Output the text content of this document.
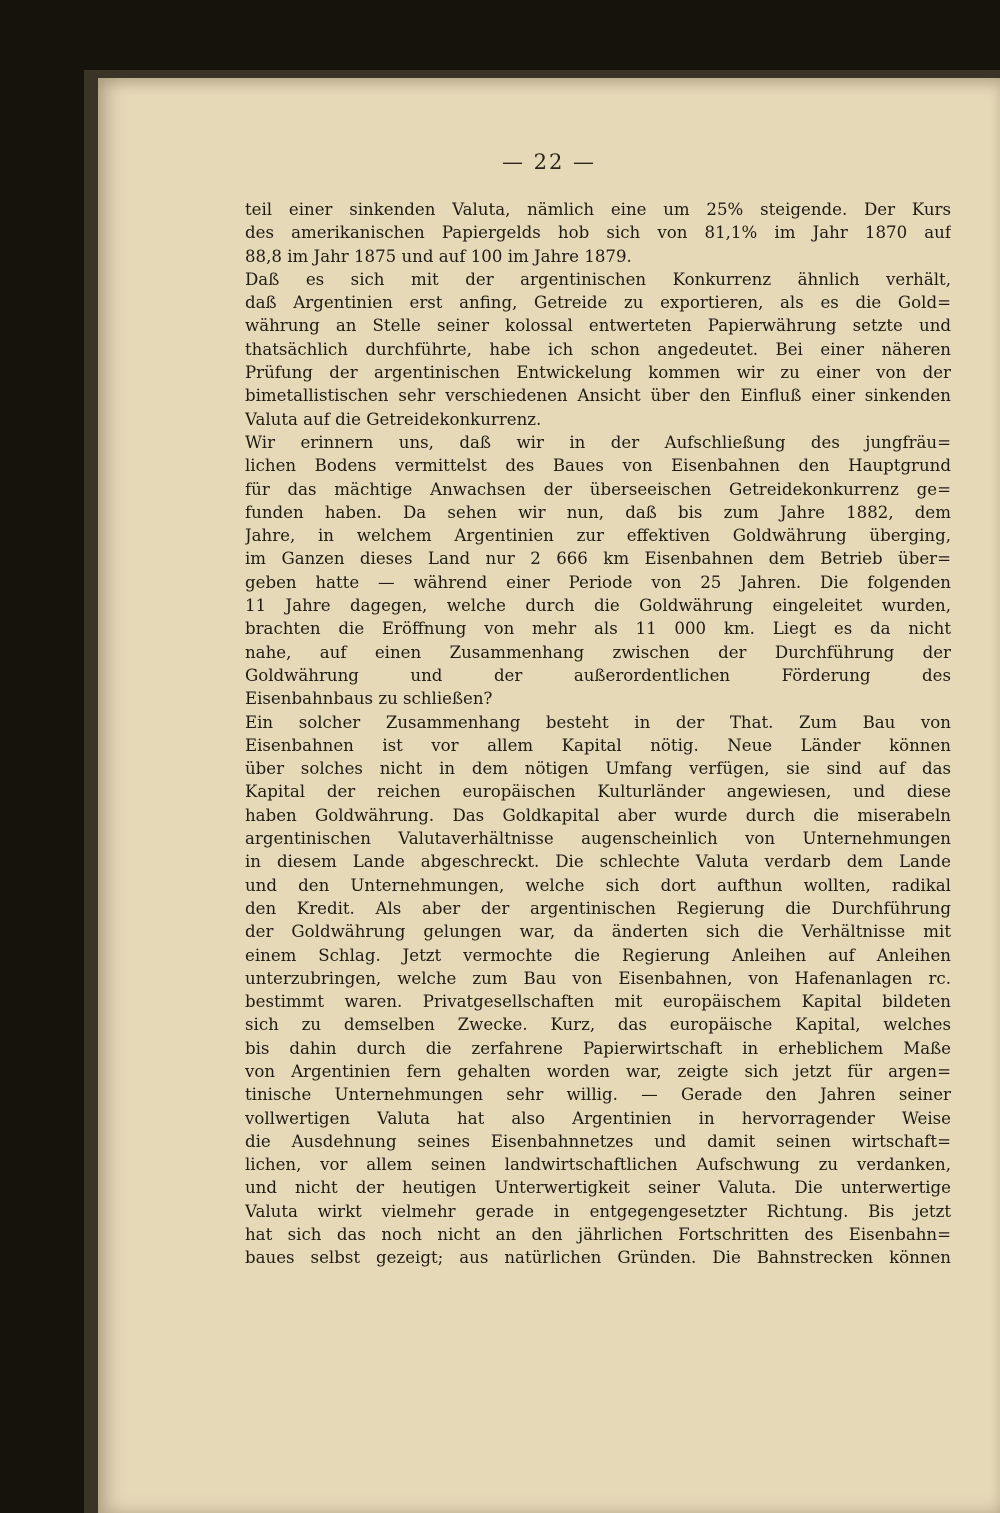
— 22 —
teil einer sinkenden Valuta, nämlich eine um 25% steigende. Der Kurs
des amerikanischen Papiergelds hob sich von 81,1% im Jahr 1870 auf
88,8 im Jahr 1875 und auf 100 im Jahre 1879.
Daß es sich mit der argentinischen Konkurrenz ähnlich verhält,
daß Argentinien erst anfing, Getreide zu exportieren, als es die Gold=
währung an Stelle seiner kolossal entwerteten Papierwährung setzte und
thatsächlich durchführte, habe ich schon angedeutet. Bei einer näheren
Prüfung der argentinischen Entwickelung kommen wir zu einer von der
bimetallistischen sehr verschiedenen Ansicht über den Einfluß einer sinkenden
Valuta auf die Getreidekonkurrenz.
Wir erinnern uns, daß wir in der Aufschließung des jungfräu=
lichen Bodens vermittelst des Baues von Eisenbahnen den Hauptgrund
für das mächtige Anwachsen der überseeischen Getreidekonkurrenz ge=
funden haben. Da sehen wir nun, daß bis zum Jahre 1882, dem
Jahre, in welchem Argentinien zur effektiven Goldwährung überging,
im Ganzen dieses Land nur 2 666 km Eisenbahnen dem Betrieb über=
geben hatte — während einer Periode von 25 Jahren. Die folgenden
11 Jahre dagegen, welche durch die Goldwährung eingeleitet wurden,
brachten die Eröffnung von mehr als 11 000 km. Liegt es da nicht
nahe, auf einen Zusammenhang zwischen der Durchführung der
Goldwährung und der außerordentlichen Förderung des
Eisenbahnbaus zu schließen?
Ein solcher Zusammenhang besteht in der That. Zum Bau von
Eisenbahnen ist vor allem Kapital nötig. Neue Länder können
über solches nicht in dem nötigen Umfang verfügen, sie sind auf das
Kapital der reichen europäischen Kulturländer angewiesen, und diese
haben Goldwährung. Das Goldkapital aber wurde durch die miserabeln
argentinischen Valutaverhältnisse augenscheinlich von Unternehmungen
in diesem Lande abgeschreckt. Die schlechte Valuta verdarb dem Lande
und den Unternehmungen, welche sich dort aufthun wollten, radikal
den Kredit. Als aber der argentinischen Regierung die Durchführung
der Goldwährung gelungen war, da änderten sich die Verhältnisse mit
einem Schlag. Jetzt vermochte die Regierung Anleihen auf Anleihen
unterzubringen, welche zum Bau von Eisenbahnen, von Hafenanlagen rc.
bestimmt waren. Privatgesellschaften mit europäischem Kapital bildeten
sich zu demselben Zwecke. Kurz, das europäische Kapital, welches
bis dahin durch die zerfahrene Papierwirtschaft in erheblichem Maße
von Argentinien fern gehalten worden war, zeigte sich jetzt für argen=
tinische Unternehmungen sehr willig. — Gerade den Jahren seiner
vollwertigen Valuta hat also Argentinien in hervorragender Weise
die Ausdehnung seines Eisenbahnnetzes und damit seinen wirtschaft=
lichen, vor allem seinen landwirtschaftlichen Aufschwung zu verdanken,
und nicht der heutigen Unterwertigkeit seiner Valuta. Die unterwertige
Valuta wirkt vielmehr gerade in entgegengesetzter Richtung. Bis jetzt
hat sich das noch nicht an den jährlichen Fortschritten des Eisenbahn=
baues selbst gezeigt; aus natürlichen Gründen. Die Bahnstrecken können
